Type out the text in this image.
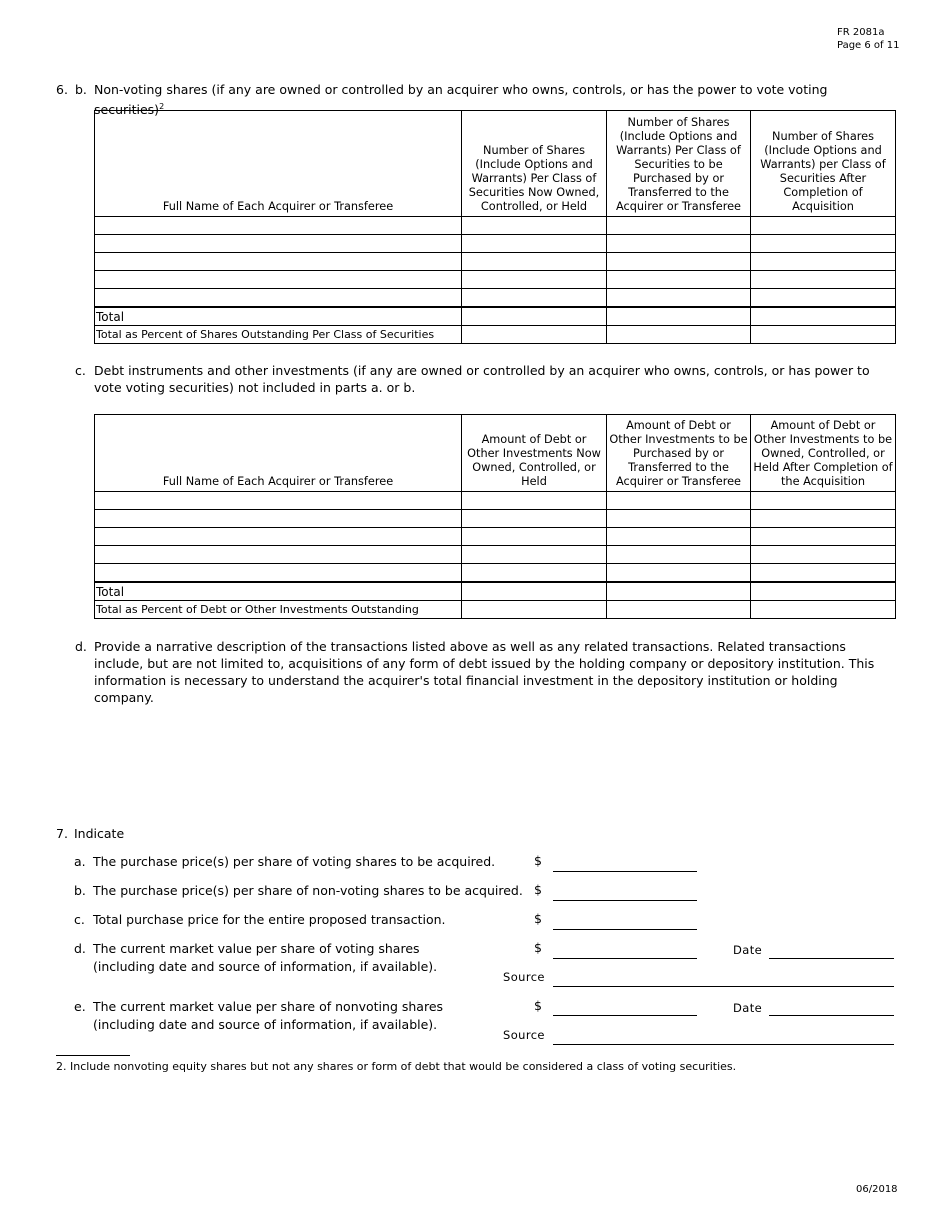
FR 2081a
Page 6 of 11
6. b. Non-voting shares (if any are owned or controlled by an acquirer who owns, controls, or has the power to vote voting securities)$^2$
Full Name of Each Acquirer or Transferee	Number of Shares (Include Options and Warrants) Per Class of Securities Now Owned, Controlled, or Held	Number of Shares (Include Options and Warrants) Per Class of Securities to be Purchased by or Transferred to the Acquirer or Transferee	Number of Shares (Include Options and Warrants) per Class of Securities After Completion of Acquisition

Total			
Total as Percent of Shares Outstanding Per Class of Securities			
c. Debt instruments and other investments (if any are owned or controlled by an acquirer who owns, controls, or has power to vote voting securities) not included in parts a. or b.
Full Name of Each Acquirer or Transferee	Amount of Debt or Other Investments Now Owned, Controlled, or Held	Amount of Debt or Other Investments to be Purchased by or Transferred to the Acquirer or Transferee	Amount of Debt or Other Investments to be Owned, Controlled, or Held After Completion of the Acquisition

Total			
Total as Percent of Debt or Other Investments Outstanding			
d. Provide a narrative description of the transactions listed above as well as any related transactions. Related transactions include, but are not limited to, acquisitions of any form of debt issued by the holding company or depository institution. This information is necessary to understand the acquirer's total financial investment in the depository institution or holding company.
7. Indicate
a. The purchase price(s) per share of voting shares to be acquired.	$
b. The purchase price(s) per share of non-voting shares to be acquired. $
c. Total purchase price for the entire proposed transaction.	$
d. The current market value per share of voting shares
(including date and source of information, if available).
$	Date
Source
e. The current market value per share of nonvoting shares
(including date and source of information, if available).
$	Date
Source
2. Include nonvoting equity shares but not any shares or form of debt that would be considered a class of voting securities.
06/2018
